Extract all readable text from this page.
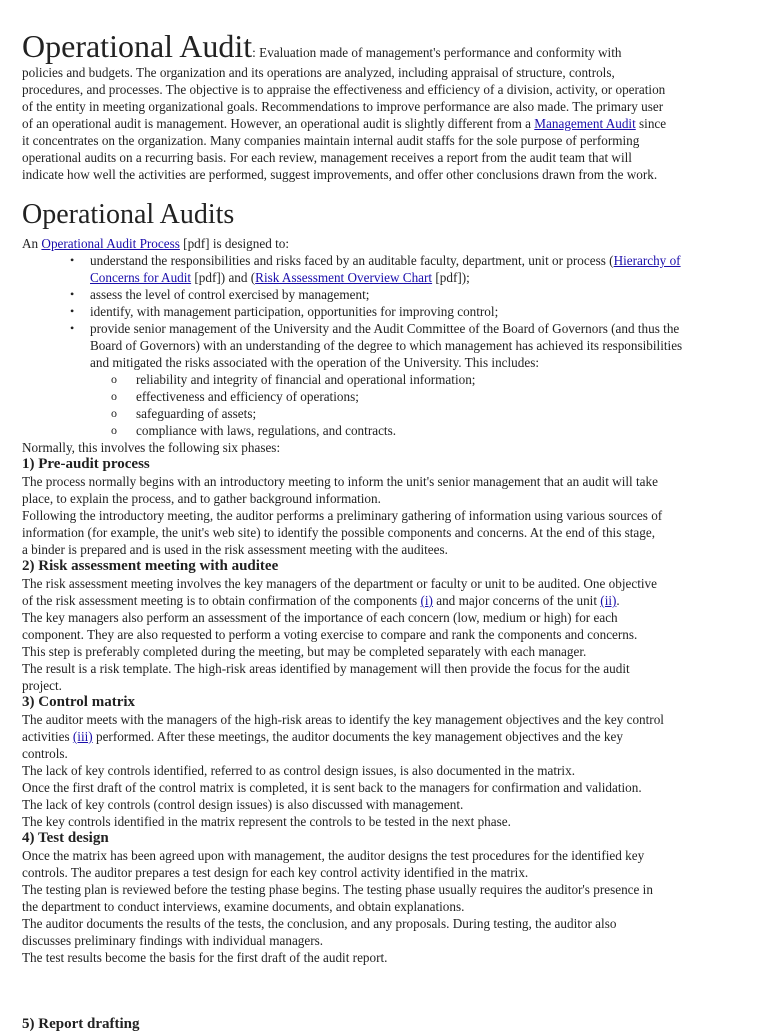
Operational Audit: Evaluation made of management's performance and conformity with
policies and budgets. The organization and its operations are analyzed, including appraisal of structure, controls,
procedures, and processes. The objective is to appraise the effectiveness and efficiency of a division, activity, or operation
of the entity in meeting organizational goals. Recommendations to improve performance are also made. The primary user
of an operational audit is management. However, an operational audit is slightly different from a Management Audit since
it concentrates on the organization. Many companies maintain internal audit staffs for the sole purpose of performing
operational audits on a recurring basis. For each review, management receives a report from the audit team that will
indicate how well the activities are performed, suggest improvements, and offer other conclusions drawn from the work.
Operational Audits
An Operational Audit Process [pdf] is designed to:
• understand the responsibilities and risks faced by an auditable faculty, department, unit or process (Hierarchy of
Concerns for Audit [pdf]) and (Risk Assessment Overview Chart [pdf]);
• assess the level of control exercised by management;
• identify, with management participation, opportunities for improving control;
• provide senior management of the University and the Audit Committee of the Board of Governors (and thus the
Board of Governors) with an understanding of the degree to which management has achieved its responsibilities
and mitigated the risks associated with the operation of the University. This includes:
o reliability and integrity of financial and operational information;
o effectiveness and efficiency of operations;
o safeguarding of assets;
o compliance with laws, regulations, and contracts.
Normally, this involves the following six phases:
1) Pre-audit process
The process normally begins with an introductory meeting to inform the unit's senior management that an audit will take
place, to explain the process, and to gather background information.
Following the introductory meeting, the auditor performs a preliminary gathering of information using various sources of
information (for example, the unit's web site) to identify the possible components and concerns. At the end of this stage,
a binder is prepared and is used in the risk assessment meeting with the auditees.
2) Risk assessment meeting with auditee
The risk assessment meeting involves the key managers of the department or faculty or unit to be audited. One objective
of the risk assessment meeting is to obtain confirmation of the components (i) and major concerns of the unit (ii).
The key managers also perform an assessment of the importance of each concern (low, medium or high) for each
component. They are also requested to perform a voting exercise to compare and rank the components and concerns.
This step is preferably completed during the meeting, but may be completed separately with each manager.
The result is a risk template. The high-risk areas identified by management will then provide the focus for the audit
project.
3) Control matrix
The auditor meets with the managers of the high-risk areas to identify the key management objectives and the key control
activities (iii) performed. After these meetings, the auditor documents the key management objectives and the key
controls.
The lack of key controls identified, referred to as control design issues, is also documented in the matrix.
Once the first draft of the control matrix is completed, it is sent back to the managers for confirmation and validation.
The lack of key controls (control design issues) is also discussed with management.
The key controls identified in the matrix represent the controls to be tested in the next phase.
4) Test design
Once the matrix has been agreed upon with management, the auditor designs the test procedures for the identified key
controls. The auditor prepares a test design for each key control activity identified in the matrix.
The testing plan is reviewed before the testing phase begins. The testing phase usually requires the auditor's presence in
the department to conduct interviews, examine documents, and obtain explanations.
The auditor documents the results of the tests, the conclusion, and any proposals. During testing, the auditor also
discusses preliminary findings with individual managers.
The test results become the basis for the first draft of the audit report.
5) Report drafting
